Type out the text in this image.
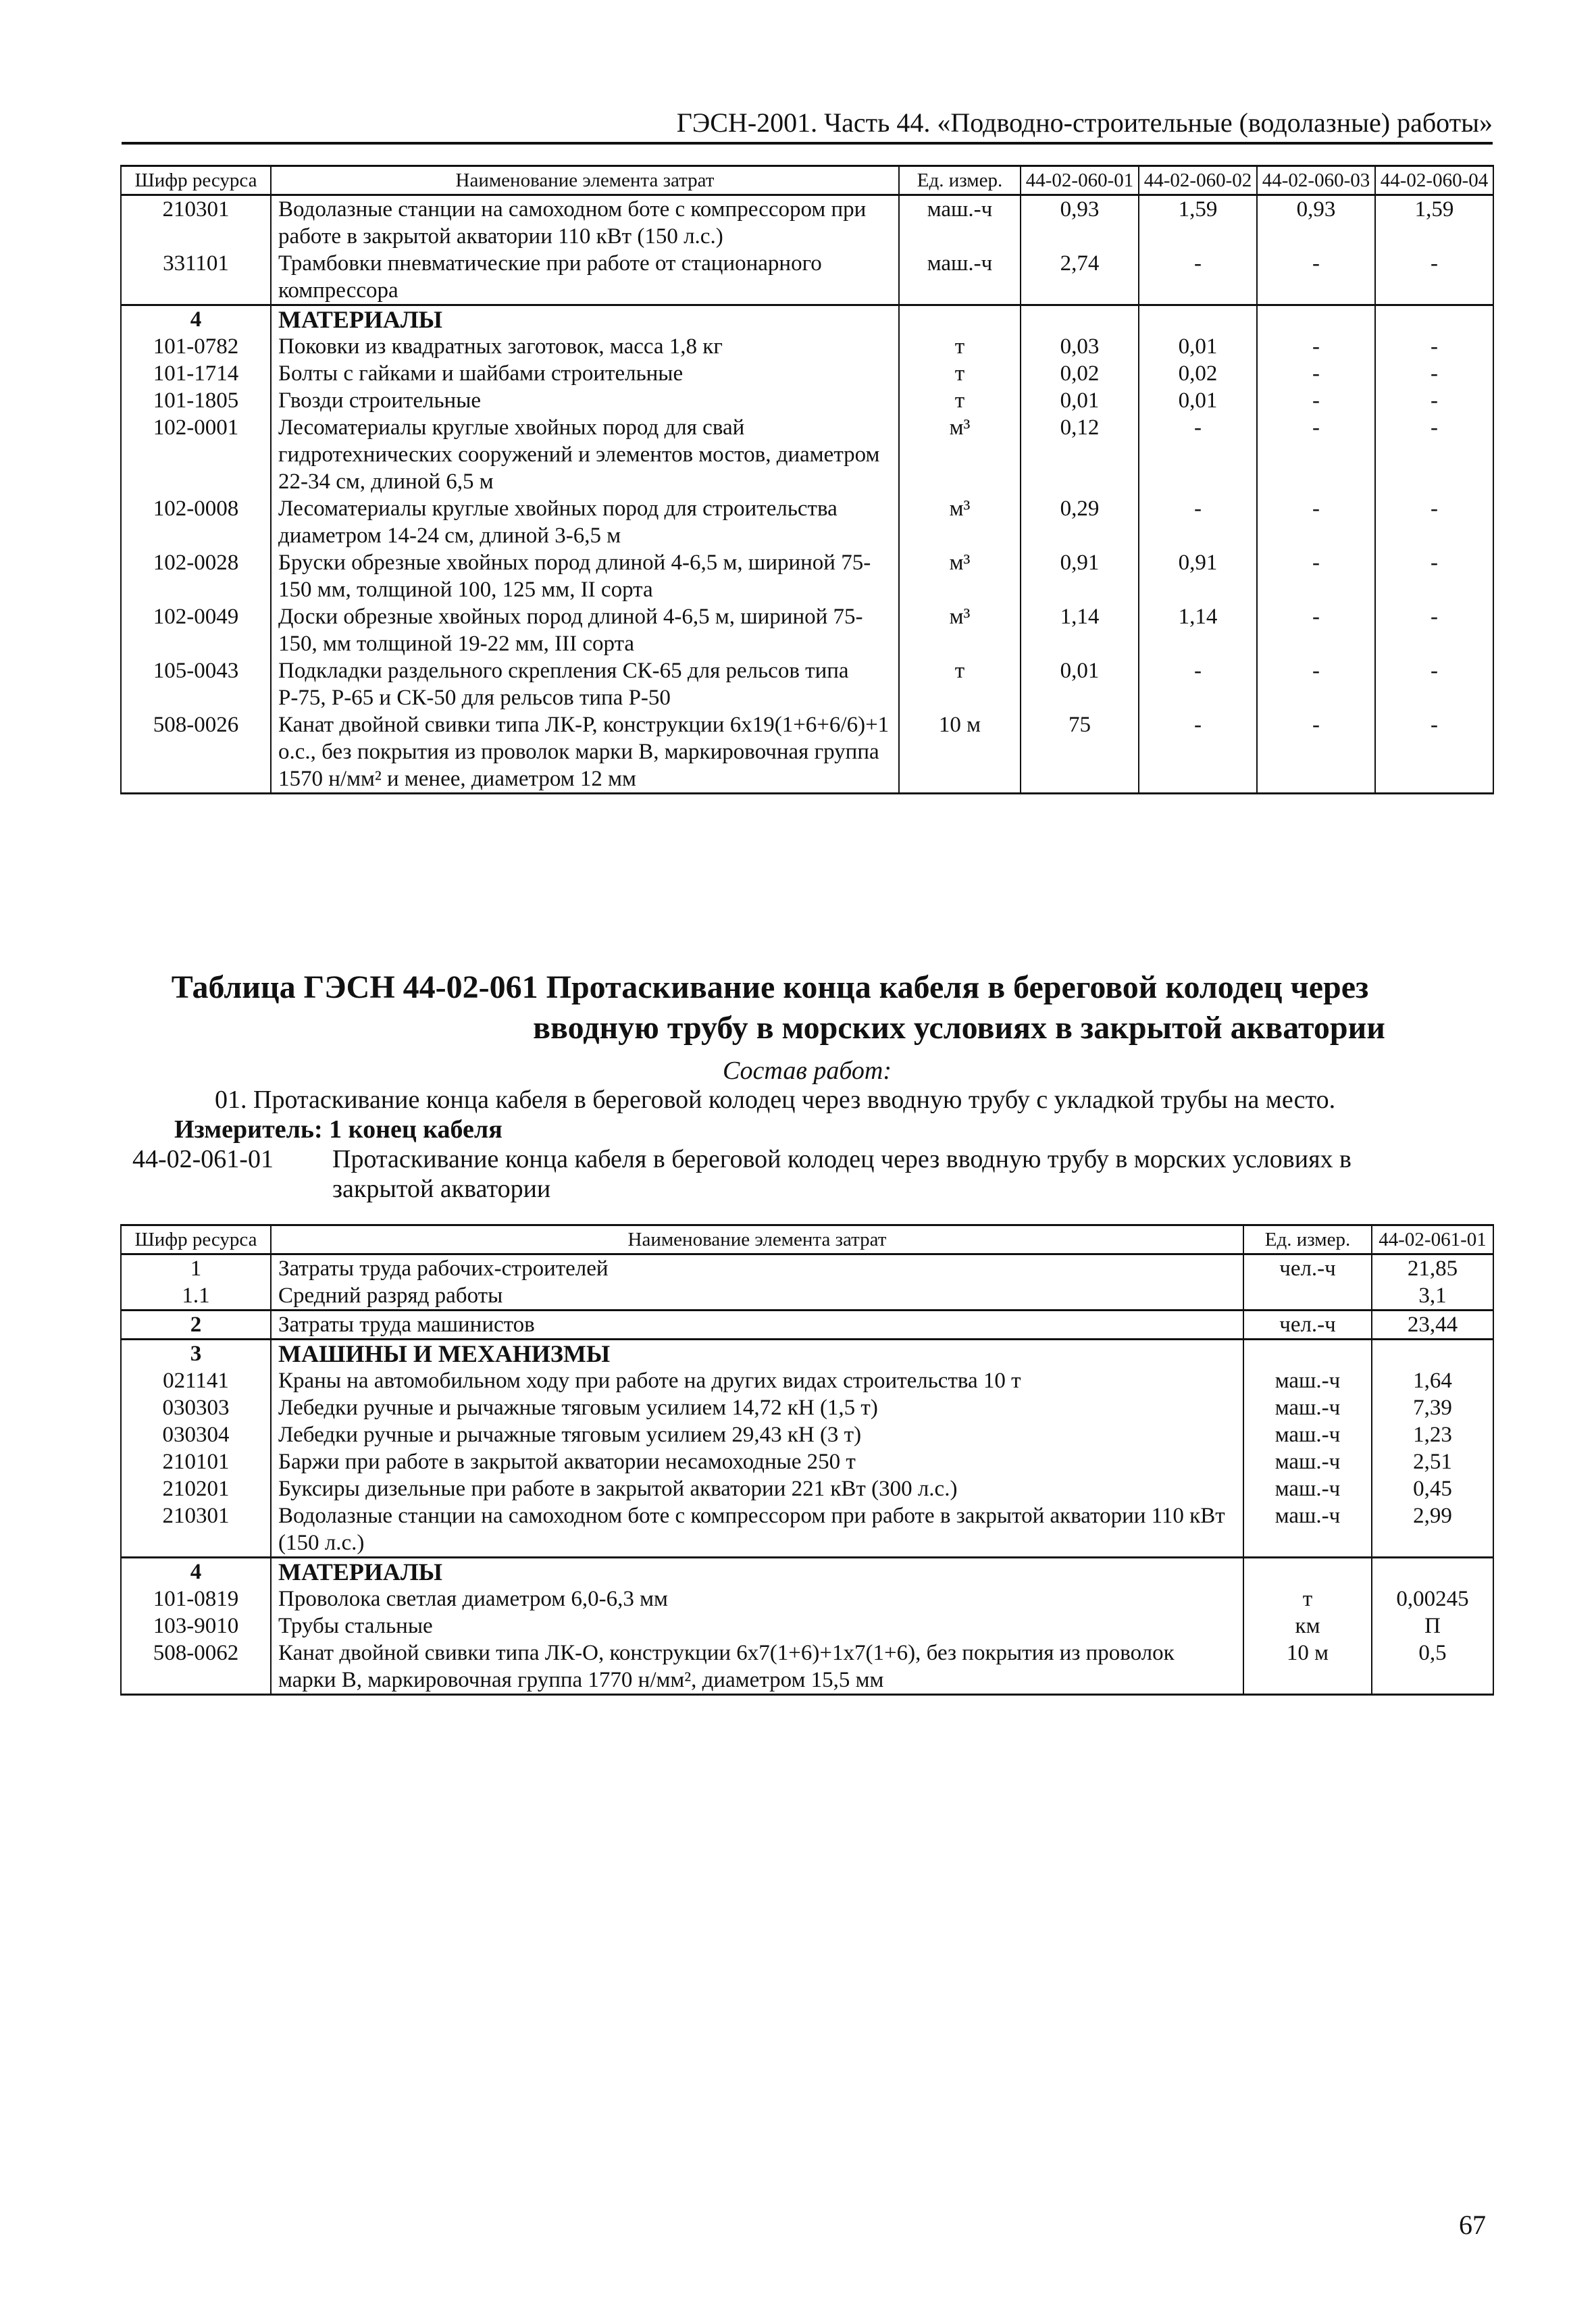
ГЭСН-2001. Часть 44. «Подводно-строительные (водолазные) работы»
Шифр ресурса	Наименование элемента затрат	Ед. измер.	44-02-060-01	44-02-060-02	44-02-060-03	44-02-060-04
210301	Водолазные станции на самоходном боте с компрессором при работе в закрытой акватории 110 кВт (150 л.с.)	маш.-ч	0,93	1,59	0,93	1,59
331101	Трамбовки пневматические при работе от стационарного компрессора	маш.-ч	2,74	-	-	-
4	МАТЕРИАЛЫ					
101-0782	Поковки из квадратных заготовок, масса 1,8 кг	т	0,03	0,01	-	-
101-1714	Болты с гайками и шайбами строительные	т	0,02	0,02	-	-
101-1805	Гвозди строительные	т	0,01	0,01	-	-
102-0001	Лесоматериалы круглые хвойных пород для свай гидротехнических сооружений и элементов мостов, диаметром 22-34 см, длиной 6,5 м	м³	0,12	-	-	-
102-0008	Лесоматериалы круглые хвойных пород для строительства диаметром 14-24 см, длиной 3-6,5 м	м³	0,29	-	-	-
102-0028	Бруски обрезные хвойных пород длиной 4-6,5 м, шириной 75-150 мм, толщиной 100, 125 мм, II сорта	м³	0,91	0,91	-	-
102-0049	Доски обрезные хвойных пород длиной 4-6,5 м, шириной 75-150, мм толщиной 19-22 мм, III сорта	м³	1,14	1,14	-	-
105-0043	Подкладки раздельного скрепления СК-65 для рельсов типа Р-75, Р-65 и СК-50 для рельсов типа Р-50	т	0,01	-	-	-
508-0026	Канат двойной свивки типа ЛК-Р, конструкции 6х19(1+6+6/6)+1 о.с., без покрытия из проволок марки В, маркировочная группа 1570 н/мм² и менее, диаметром 12 мм	10 м	75	-	-	-
Таблица ГЭСН 44-02-061 Протаскивание конца кабеля в береговой колодец через
вводную трубу в морских условиях в закрытой акватории
Состав работ:
01. Протаскивание конца кабеля в береговой колодец через вводную трубу с укладкой трубы на место.
Измеритель: 1 конец кабеля
44-02-061-01 Протаскивание конца кабеля в береговой колодец через вводную трубу в морских условиях в закрытой акватории
Шифр ресурса	Наименование элемента затрат	Ед. измер.	44-02-061-01
1	Затраты труда рабочих-строителей	чел.-ч	21,85
1.1	Средний разряд работы		3,1
2	Затраты труда машинистов	чел.-ч	23,44
3	МАШИНЫ И МЕХАНИЗМЫ		
021141	Краны на автомобильном ходу при работе на других видах строительства 10 т	маш.-ч	1,64
030303	Лебедки ручные и рычажные тяговым усилием 14,72 кН (1,5 т)	маш.-ч	7,39
030304	Лебедки ручные и рычажные тяговым усилием 29,43 кН (3 т)	маш.-ч	1,23
210101	Баржи при работе в закрытой акватории несамоходные 250 т	маш.-ч	2,51
210201	Буксиры дизельные при работе в закрытой акватории 221 кВт (300 л.с.)	маш.-ч	0,45
210301	Водолазные станции на самоходном боте с компрессором при работе в закрытой акватории 110 кВт (150 л.с.)	маш.-ч	2,99
4	МАТЕРИАЛЫ		
101-0819	Проволока светлая диаметром 6,0-6,3 мм	т	0,00245
103-9010	Трубы стальные	км	П
508-0062	Канат двойной свивки типа ЛК-О, конструкции 6х7(1+6)+1х7(1+6), без покрытия из проволок марки В, маркировочная группа 1770 н/мм², диаметром 15,5 мм	10 м	0,5
67
